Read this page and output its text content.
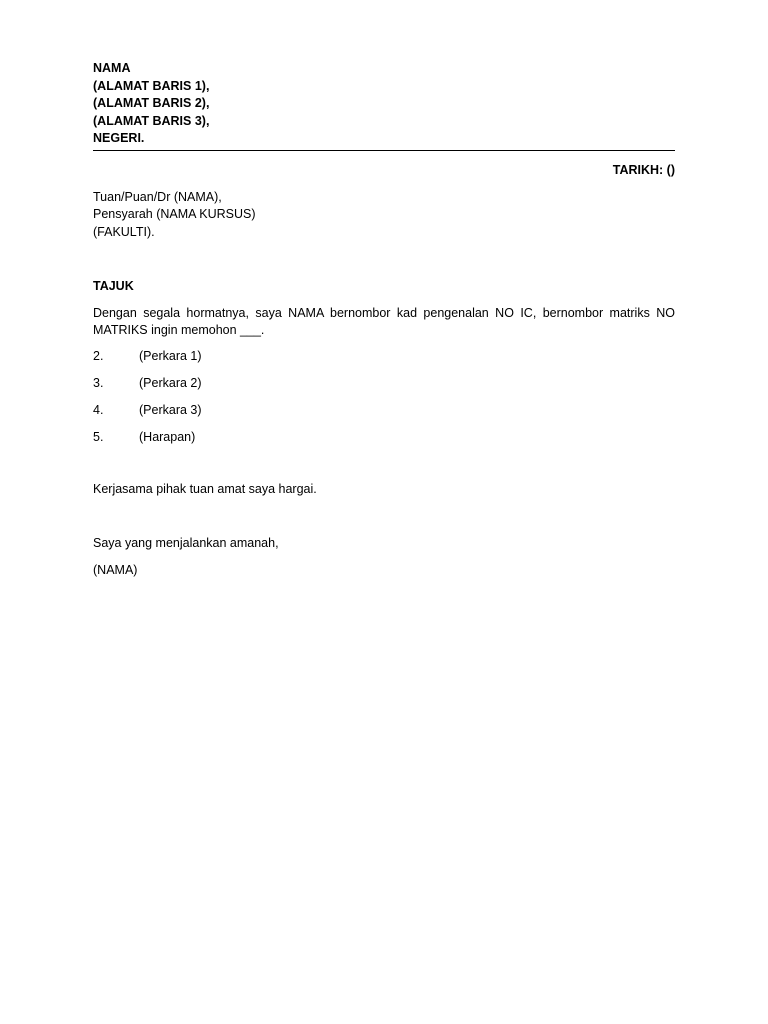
NAMA
(ALAMAT BARIS 1),
(ALAMAT BARIS 2),
(ALAMAT BARIS 3),
NEGERI.
TARIKH: ()
Tuan/Puan/Dr (NAMA),
Pensyarah (NAMA KURSUS)
(FAKULTI).
TAJUK
Dengan segala hormatnya, saya NAMA bernombor kad pengenalan NO IC, bernombor matriks NO MATRIKS ingin memohon ___.
2.	(Perkara 1)
3.	(Perkara 2)
4.	(Perkara 3)
5.	(Harapan)
Kerjasama pihak tuan amat saya hargai.
Saya yang menjalankan amanah,
(NAMA)
